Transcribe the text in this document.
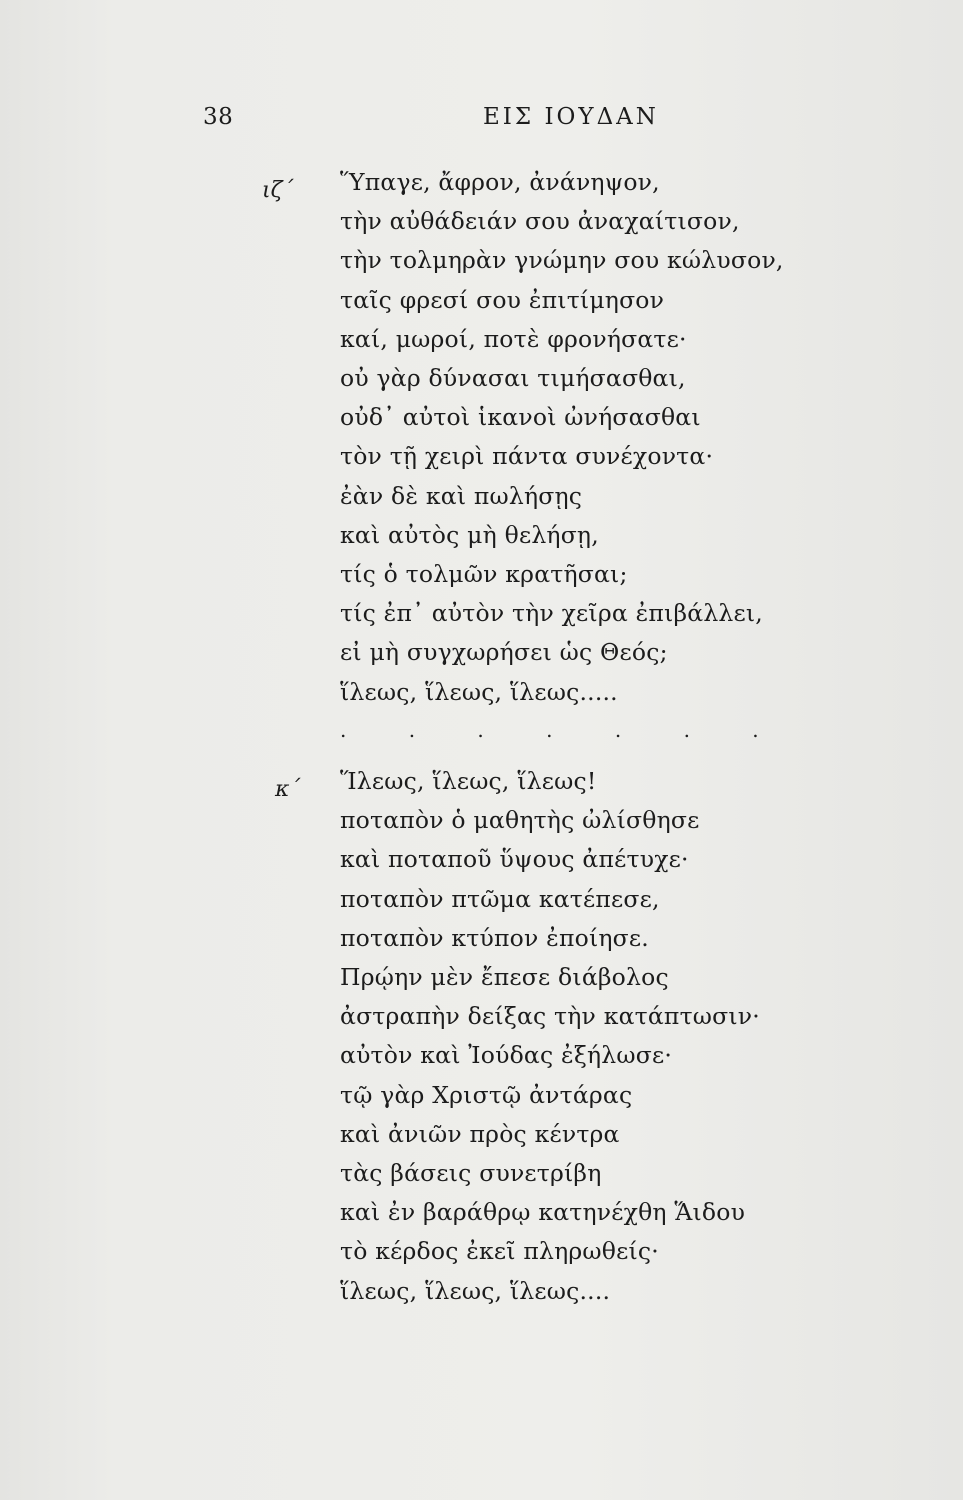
38	ΕΙΣ ΙΟΥΔΑΝ
ιζ΄ Ὕπαγε, ἄφρον, ἀνάνηψον,
τὴν αὐθάδειάν σου ἀναχαίτισον,
τὴν τολμηρὰν γνώμην σου κώλυσον,
ταῖς φρεσί σου ἐπιτίμησον
καί, μωροί, ποτὲ φρονήσατε·
οὐ γὰρ δύνασαι τιμήσασθαι,
οὐδ᾽ αὐτοὶ ἱκανοὶ ὠνήσασθαι
τὸν τῇ χειρὶ πάντα συνέχοντα·
ἐὰν δὲ καὶ πωλήσῃς
καὶ αὐτὸς μὴ θελήσῃ,
τίς ὁ τολμῶν κρατῆσαι;
τίς ἐπ᾽ αὐτὸν τὴν χεῖρα ἐπιβάλλει,
εἰ μὴ συγχωρήσει ὡς Θεός;
ἵλεως, ἵλεως, ἵλεως.....
. . . . . . .
κ΄ Ἵλεως, ἵλεως, ἵλεως!
ποταπὸν ὁ μαθητὴς ὠλίσθησε
καὶ ποταποῦ ὕψους ἀπέτυχε·
ποταπὸν πτῶμα κατέπεσε,
ποταπὸν κτύπον ἐποίησε.
Πρῴην μὲν ἔπεσε διάβολος
ἀστραπὴν δείξας τὴν κατάπτωσιν·
αὐτὸν καὶ Ἰούδας ἐξήλωσε·
τῷ γὰρ Χριστῷ ἀντάρας
καὶ ἀνιῶν πρὸς κέντρα
τὰς βάσεις συνετρίβη
καὶ ἐν βαράθρῳ κατηνέχθη Ἅιδου
τὸ κέρδος ἐκεῖ πληρωθείς·
ἵλεως, ἵλεως, ἵλεως....
